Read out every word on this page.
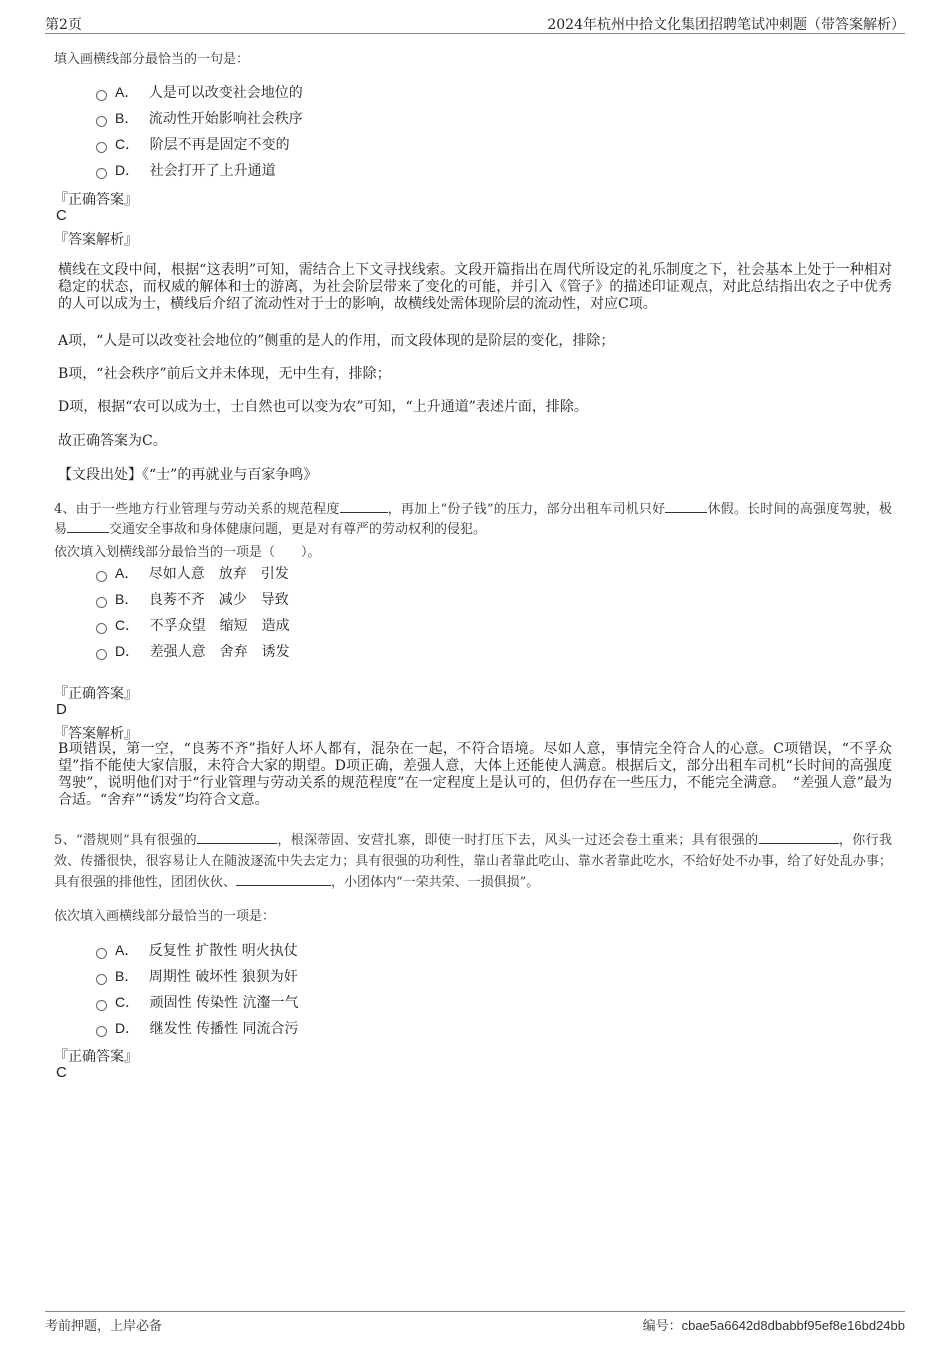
第2页	2024年杭州中拾文化集团招聘笔试冲刺题（带答案解析）
填入画横线部分最恰当的一句是：
A． 人是可以改变社会地位的
B． 流动性开始影响社会秩序
C． 阶层不再是固定不变的
D． 社会打开了上升通道
『正确答案』
C
『答案解析』
横线在文段中间，根据“这表明”可知，需结合上下文寻找线索。文段开篇指出在周代所设定的礼乐制度之下，社会基本上处于一种相对稳定的状态，而权威的解体和士的游离，为社会阶层带来了变化的可能，并引入《管子》的描述印证观点，对此总结指出农之子中优秀的人可以成为士，横线后介绍了流动性对于士的影响，故横线处需体现阶层的流动性，对应C项。
A项，“人是可以改变社会地位的”侧重的是人的作用，而文段体现的是阶层的变化，排除；
B项，“社会秩序”前后文并未体现，无中生有，排除；
D项，根据“农可以成为士，士自然也可以变为农”可知，“上升通道”表述片面，排除。
故正确答案为C。
【文段出处】《“士”的再就业与百家争鸣》
4、由于一些地方行业管理与劳动关系的规范程度	，再加上“份子钱”的压力，部分出租车司机只好	休假。长时间的高强度驾驶，极易	交通安全事故和身体健康问题，更是对有尊严的劳动权利的侵犯。
依次填入划横线部分最恰当的一项是（　　）。
A． 尽如人意　放弃　引发
B． 良莠不齐　减少　导致
C． 不孚众望　缩短　造成
D． 差强人意　舍弃　诱发
『正确答案』
D
『答案解析』
B项错误，第一空，“良莠不齐”指好人坏人都有，混杂在一起，不符合语境。尽如人意，事情完全符合人的心意。C项错误，“不孚众望”指不能使大家信服，未符合大家的期望。D项正确，差强人意，大体上还能使人满意。根据后文，部分出租车司机“长时间的高强度驾驶”，说明他们对于“行业管理与劳动关系的规范程度”在一定程度上是认可的，但仍存在一些压力，不能完全满意。　“差强人意”最为合适。“舍弃”“诱发”均符合文意。
5、“潜规则”具有很强的	，根深蒂固、安营扎寨，即使一时打压下去，风头一过还会卷土重来；具有很强的	，你行我效、传播很快，很容易让人在随波逐流中失去定力；具有很强的功利性，靠山者靠此吃山、靠水者靠此吃水，不给好处不办事，给了好处乱办事；具有很强的排他性，团团伙伙、	，小团体内“一荣共荣、一损俱损”。
依次填入画横线部分最恰当的一项是：
A． 反复性 扩散性 明火执仗
B． 周期性 破坏性 狼狈为奸
C． 顽固性 传染性 沆瀣一气
D． 继发性 传播性 同流合污
『正确答案』
C
考前押题，上岸必备	编号：cbae5a6642d8dbabbf95ef8e16bd24bb
